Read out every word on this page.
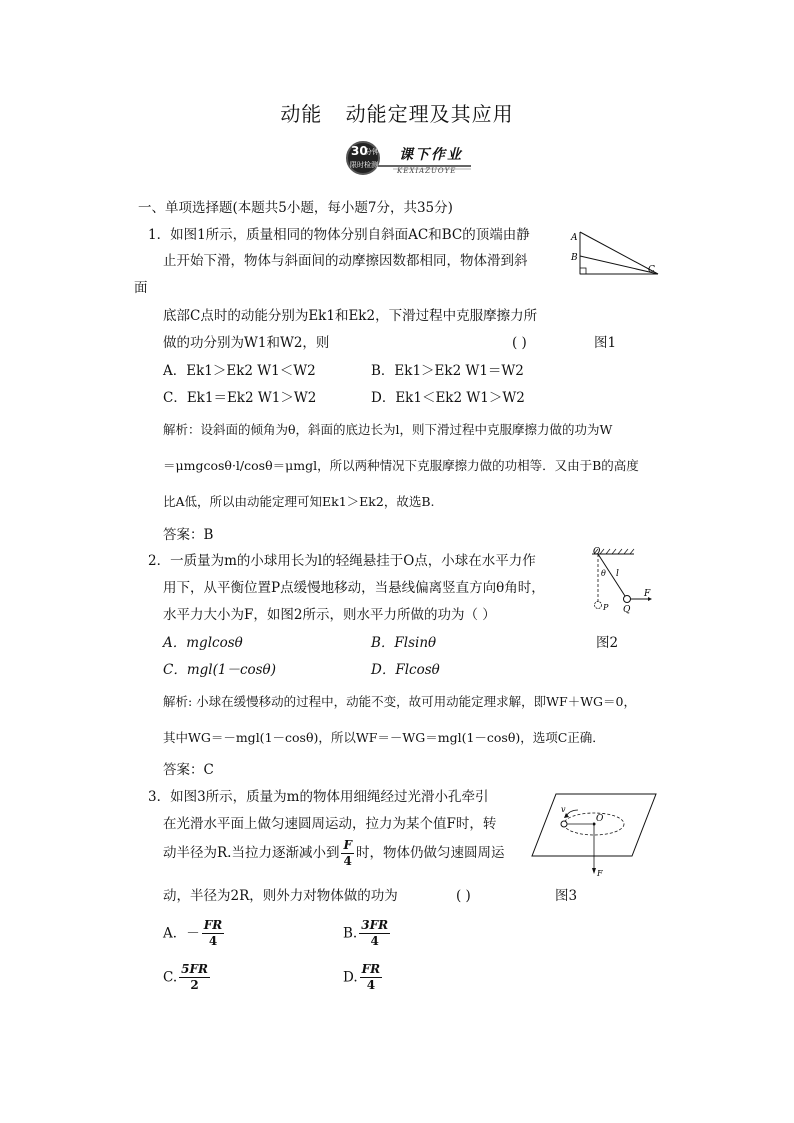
动能 动能定理及其应用
30
分钟
限时检测
课下作业
KEXIAZUOYE
一、单项选择题(本题共5小题，每小题7分，共35分)
1．如图1所示，质量相同的物体分别自斜面AC和BC的顶端由静
止开始下滑，物体与斜面间的动摩擦因数都相同，物体滑到斜
面
底部C点时的动能分别为Ek1和Ek2，下滑过程中克服摩擦力所
做的功分别为W1和W2，则	( )	图1
A
B
C
A．Ek1＞Ek2 W1＜W2	B．Ek1＞Ek2 W1＝W2
C．Ek1＝Ek2 W1＞W2	D．Ek1＜Ek2 W1＞W2
解析：设斜面的倾角为θ，斜面的底边长为l，则下滑过程中克服摩擦力做的功为W
＝μmgcosθ·l/cosθ＝μmgl，所以两种情况下克服摩擦力做的功相等．又由于B的高度
比A低，所以由动能定理可知Ek1＞Ek2，故选B.
答案：B
2．一质量为m的小球用长为l的轻绳悬挂于O点，小球在水平力作
用下，从平衡位置P点缓慢地移动，当悬线偏离竖直方向θ角时，
水平力大小为F，如图2所示，则水平力所做的功为（ ）
O
θ l
F
Q
P
A．mglcosθ	B．Flsinθ	图2
C．mgl(1－cosθ)	D．Flcosθ
解析: 小球在缓慢移动的过程中，动能不变，故可用动能定理求解，即WF＋WG＝0，
其中WG＝－mgl(1－cosθ)，所以WF＝－WG＝mgl(1－cosθ)，选项C正确．
答案：C
3．如图3所示，质量为m的物体用细绳经过光滑小孔牵引
在光滑水平面上做匀速圆周运动，拉力为某个值F时，转
动半径为R.当拉力逐渐减小到 $\frac{F}{4}$ 时，物体仍做匀速圆周运
动，半径为2R，则外力对物体做的功为	( )	图3
v
O
F
A．－ $\frac{FR}{4}$	B. $\frac{3FR}{4}$
C. $\frac{5FR}{2}$	D. $\frac{FR}{4}$
